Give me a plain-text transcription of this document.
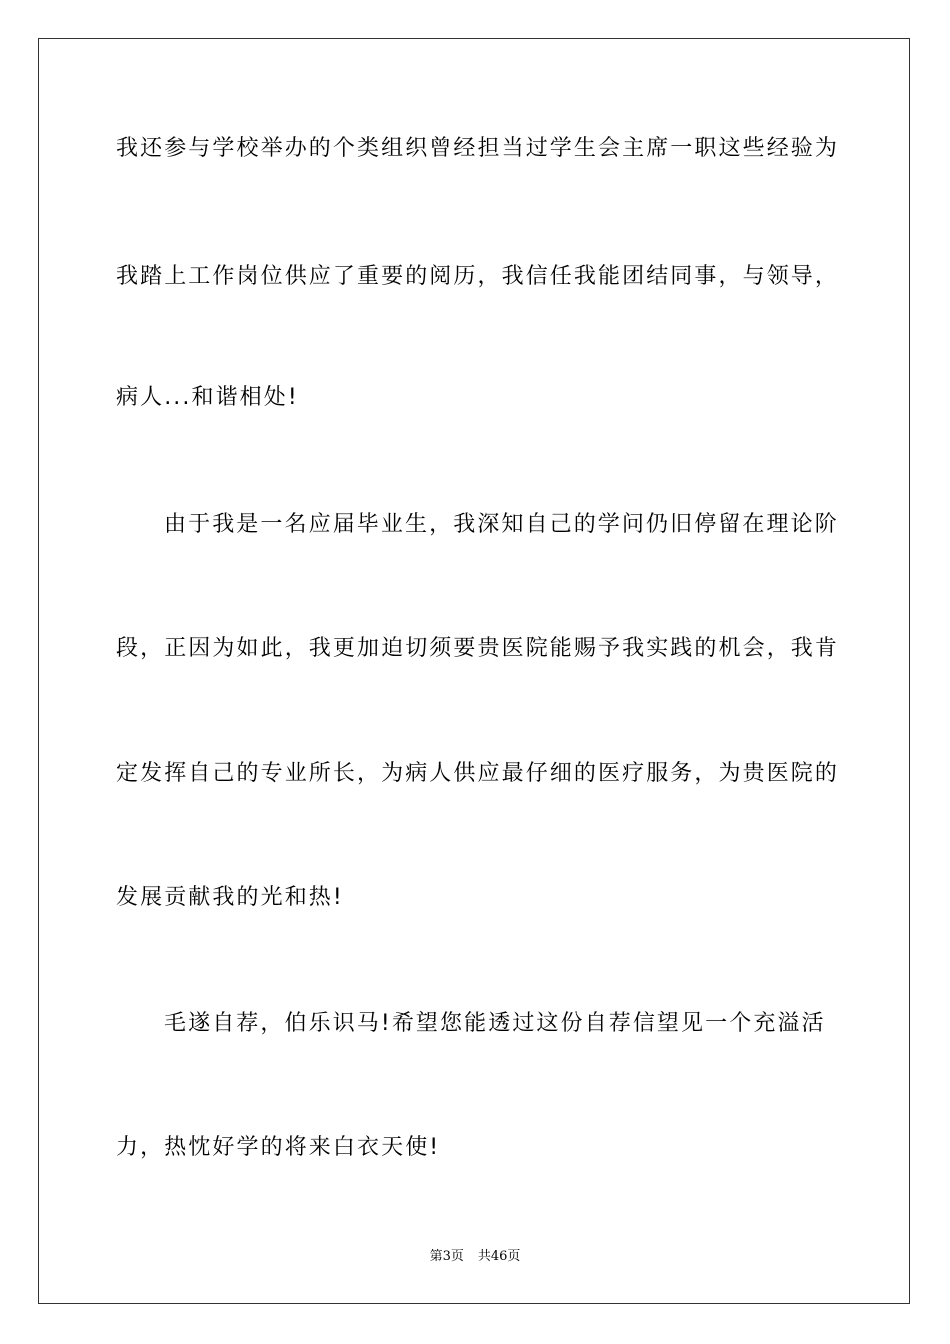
我还参与学校举办的个类组织曾经担当过学生会主席一职这些经验为
我踏上工作岗位供应了重要的阅历，我信任我能团结同事，与领导，
病人...和谐相处!
由于我是一名应届毕业生，我深知自己的学问仍旧停留在理论阶
段，正因为如此，我更加迫切须要贵医院能赐予我实践的机会，我肯
定发挥自己的专业所长，为病人供应最仔细的医疗服务，为贵医院的
发展贡献我的光和热!
毛遂自荐，伯乐识马!希望您能透过这份自荐信望见一个充溢活
力，热忱好学的将来白衣天使!
第3页 共46页
